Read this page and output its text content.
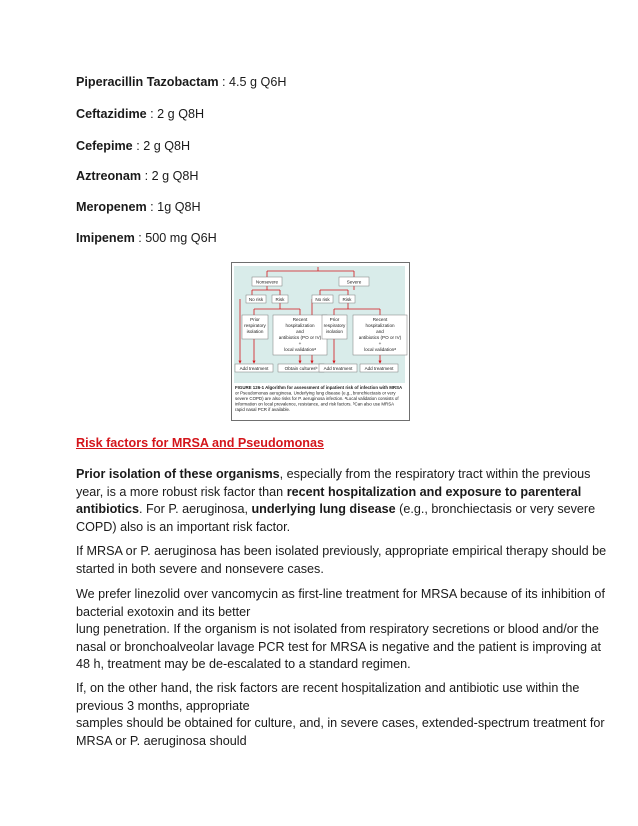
Piperacillin Tazobactam : 4.5 g Q6H
Ceftazidime : 2 g Q8H
Cefepime : 2 g Q8H
Aztreonam : 2 g Q8H
Meropenem : 1g Q8H
Imipenem : 500 mg Q6H
Nonsevere	Severe
No risk	Risk	No risk	Risk
Prior
respiratory
isolation
Recent
hospitalization
and
antibiotics (PO or IV)
+
local validationᵃ
Prior
respiratory
isolation
Recent
hospitalization
and
antibiotics (PO or IV)
+
local validationᵃ
Add treatment	Obtain culturesᵇ Add treatment	Add treatment
FIGURE 126-1 Algorithm for assessment of inpatient risk of infection with MRSA
or Pseudomonas aeruginosa. Underlying lung disease (e.g., bronchiectasis or very
severe COPD) are also risks for P. aeruginosa infection. ᵃLocal validation consists of
information on local prevalence, resistance, and risk factors. ᵇCan also use MRSA
rapid nasal PCR if available.
Risk factors for MRSA and Pseudomonas
Prior isolation of these organisms, especially from the respiratory tract within the previous
year, is a more robust risk factor than recent hospitalization and exposure to parenteral
antibiotics. For P. aeruginosa, underlying lung disease (e.g., bronchiectasis or very severe
COPD) also is an important risk factor.
If MRSA or P. aeruginosa has been isolated previously, appropriate empirical therapy should be
started in both severe and nonsevere cases.
We prefer linezolid over vancomycin as first-line treatment for MRSA because of its inhibition of
bacterial exotoxin and its better
lung penetration. If the organism is not isolated from respiratory secretions or blood and/or the
nasal or bronchoalveolar lavage PCR test for MRSA is negative and the patient is improving at
48 h, treatment may be de-escalated to a standard regimen.
If, on the other hand, the risk factors are recent hospitalization and antibiotic use within the
previous 3 months, appropriate
samples should be obtained for culture, and, in severe cases, extended-spectrum treatment for
MRSA or P. aeruginosa should
